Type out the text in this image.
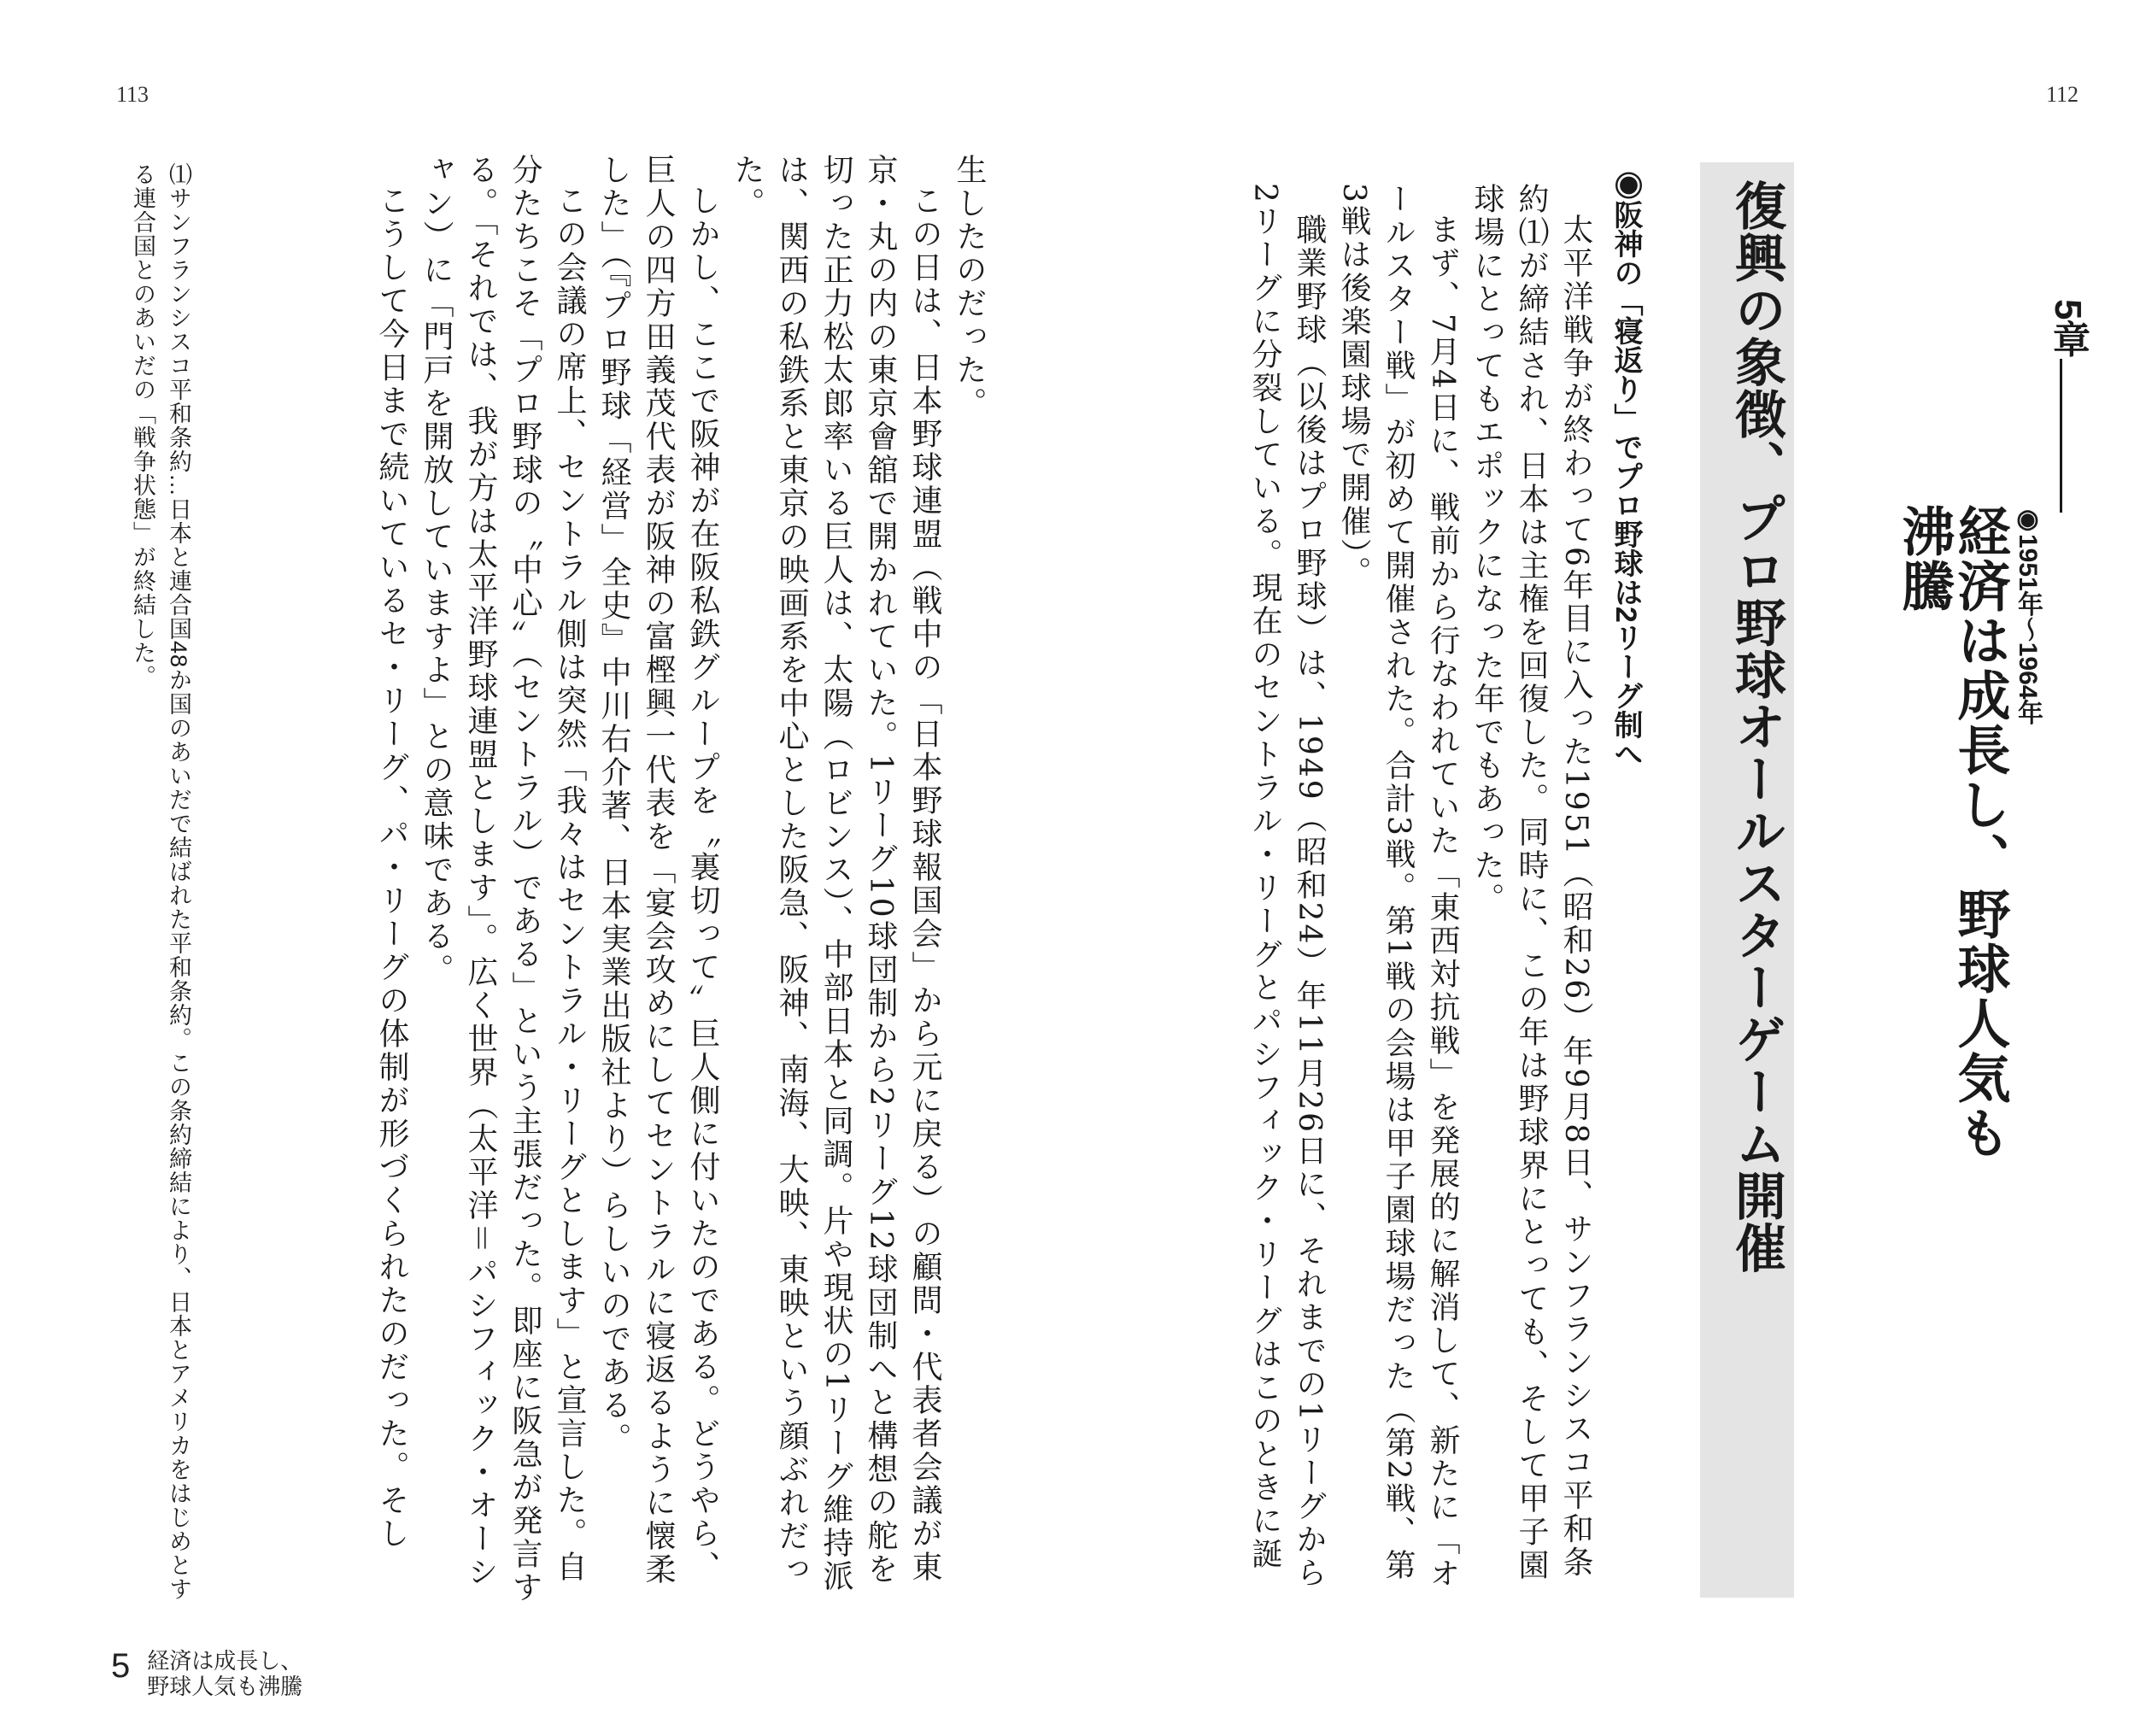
112
5章
◉1951年〜1964年
経済は成長し、野球人気も沸騰
復興の象徴、プロ野球オールスターゲーム開催
◉阪神の「寝返り」でプロ野球は2リーグ制へ

太平洋戦争が終わって6年目に入った1951（昭和26）年9月8日、サンフランシスコ平和条約⑴が締結され、日本は主権を回復した。同時に、この年は野球界にとっても、そして甲子園球場にとってもエポックになった年でもあった。

まず、7月4日に、戦前から行なわれていた「東西対抗戦」を発展的に解消して、新たに「オールスター戦」が初めて開催された。合計3戦。第1戦の会場は甲子園球場だった（第2戦、第3戦は後楽園球場で開催）。

職業野球（以後はプロ野球）は、1949（昭和24）年11月26日に、それまでの1リーグから2リーグに分裂している。現在のセントラル・リーグとパシフィック・リーグはこのときに誕

113

生したのだった。

この日は、日本野球連盟（戦中の「日本野球報国会」から元に戻る）の顧問・代表者会議が東京・丸の内の東京會舘で開かれていた。1リーグ10球団制から2リーグ12球団制へと構想の舵を切った正力松太郎率いる巨人は、太陽（ロビンス）、中部日本と同調。片や現状の1リーグ維持派は、関西の私鉄系と東京の映画系を中心とした阪急、阪神、南海、大映、東映という顔ぶれだった。

しかし、ここで阪神が在阪私鉄グループを〝裏切って〟巨人側に付いたのである。どうやら、巨人の四方田義茂代表が阪神の富樫興一代表を「宴会攻めにしてセントラルに寝返るように懐柔した」（『プロ野球「経営」全史』中川右介著、日本実業出版社より）らしいのである。

この会議の席上、セントラル側は突然「我々はセントラル・リーグとします」と宣言した。自分たちこそ「プロ野球の〝中心〟（セントラル）である」という主張だった。即座に阪急が発言する。「それでは、我が方は太平洋野球連盟とします」。広く世界（太平洋＝パシフィック・オーシャン）に「門戸を開放していますよ」との意味である。

こうして今日まで続いているセ・リーグ、パ・リーグの体制が形づくられたのだった。そし

⑴サンフランシスコ平和条約…日本と連合国48か国のあいだで結ばれた平和条約。この条約締結により、日本とアメリカをはじめとする連合国とのあいだの「戦争状態」が終結した。
5 経済は成長し、
野球人気も沸騰
